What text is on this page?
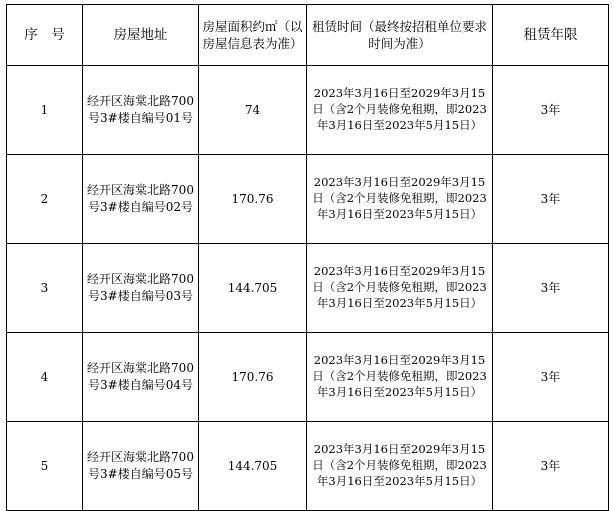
序　号	房屋地址	房屋面积约㎡（以房屋信息表为准）	租赁时间（最终按招租单位要求时间为准）	租赁年限
1	经开区海棠北路700号3#楼自编号01号	74	2023年3月16日至2029年3月15日（含2个月装修免租期，即2023年3月16日至2023年5月15日）	3年
2	经开区海棠北路700号3#楼自编号02号	170.76	2023年3月16日至2029年3月15日（含2个月装修免租期，即2023年3月16日至2023年5月15日）	3年
3	经开区海棠北路700号3#楼自编号03号	144.705	2023年3月16日至2029年3月15日（含2个月装修免租期，即2023年3月16日至2023年5月15日）	3年
4	经开区海棠北路700号3#楼自编号04号	170.76	2023年3月16日至2029年3月15日（含2个月装修免租期，即2023年3月16日至2023年5月15日）	3年
5	经开区海棠北路700号3#楼自编号05号	144.705	2023年3月16日至2029年3月15日（含2个月装修免租期，即2023年3月16日至2023年5月15日）	3年
